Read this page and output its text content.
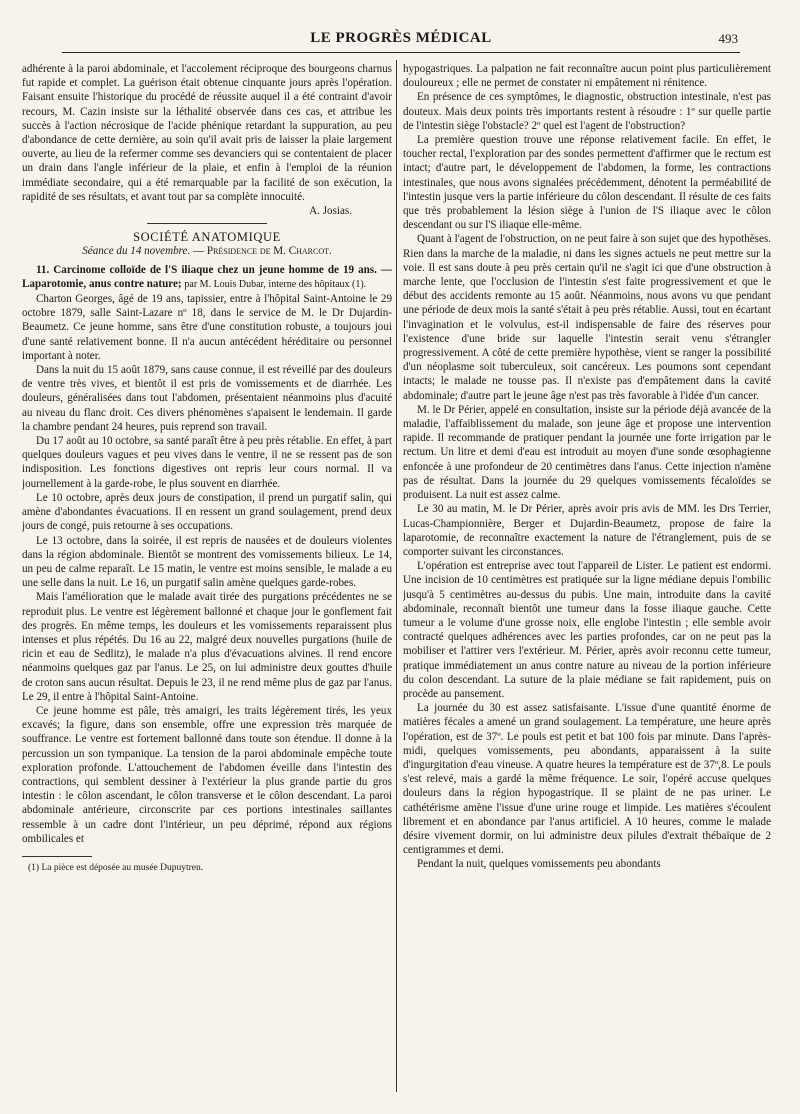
LE PROGRÈS MÉDICAL	493

adhérente à la paroi abdominale, et l'accolement réciproque des bourgeons charnus fut rapide et complet. La guérison était obtenue cinquante jours après l'opération. Faisant ensuite l'historique du procédé de réussite auquel il a été contraint d'avoir recours, M. Cazin insiste sur la léthalité observée dans ces cas, et attribue les succès à l'action nécrosique de l'acide phénique retardant la suppuration, au peu d'abondance de cette dernière, au soin qu'il avait pris de laisser la plaie largement ouverte, au lieu de la refermer comme ses devanciers qui se contentaient de placer un drain dans l'angle inférieur de la plaie, et enfin à l'emploi de la réunion immédiate secondaire, qui a été remarquable par la facilité de son exécution, la rapidité de ses résultats, et avant tout par sa complète innocuité.

A. Josias.
SOCIÉTÉ ANATOMIQUE
Séance du 14 novembre. — Présidence de M. Charcot.

11. Carcinome colloïde de l'S iliaque chez un jeune homme de 19 ans. — Laparotomie, anus contre nature; par M. Louis Dubar, interne des hôpitaux (1).

Charton Georges, âgé de 19 ans, tapissier, entre à l'hôpital Saint-Antoine le 29 octobre 1879, salle Saint-Lazare nº 18, dans le service de M. le Dr Dujardin-Beaumetz. Ce jeune homme, sans être d'une constitution robuste, a toujours joui d'une santé relativement bonne. Il n'a aucun antécédent héréditaire ou personnel important à noter.

Dans la nuit du 15 août 1879, sans cause connue, il est réveillé par des douleurs de ventre très vives, et bientôt il est pris de vomissements et de diarrhée. Les douleurs, généralisées dans tout l'abdomen, présentaient néanmoins plus d'acuité au niveau du flanc droit. Ces divers phénomènes s'apaisent le lendemain. Il garde la chambre pendant 24 heures, puis reprend son travail.

Du 17 août au 10 octobre, sa santé paraît être à peu près rétablie. En effet, à part quelques douleurs vagues et peu vives dans le ventre, il ne se ressent pas de son indisposition. Les fonctions digestives ont repris leur cours normal. Il va journellement à la garde-robe, le plus souvent en diarrhée.

Le 10 octobre, après deux jours de constipation, il prend un purgatif salin, qui amène d'abondantes évacuations. Il en ressent un grand soulagement, prend deux jours de congé, puis retourne à ses occupations.

Le 13 octobre, dans la soirée, il est repris de nausées et de douleurs violentes dans la région abdominale. Bientôt se montrent des vomissements bilieux. Le 14, un peu de calme reparaît. Le 15 matin, le ventre est moins sensible, le malade a eu une selle dans la nuit. Le 16, un purgatif salin amène quelques garde-robes.

Mais l'amélioration que le malade avait tirée des purgations précédentes ne se reproduit plus. Le ventre est légèrement ballonné et chaque jour le gonflement fait des progrès. En même temps, les douleurs et les vomissements reparaissent plus intenses et plus répétés. Du 16 au 22, malgré deux nouvelles purgations (huile de ricin et eau de Sedlitz), le malade n'a plus d'évacuations alvines. Il rend encore néanmoins quelques gaz par l'anus. Le 25, on lui administre deux gouttes d'huile de croton sans aucun résultat. Depuis le 23, il ne rend même plus de gaz par l'anus. Le 29, il entre à l'hôpital Saint-Antoine.

Ce jeune homme est pâle, très amaigri, les traits légèrement tirés, les yeux excavés; la figure, dans son ensemble, offre une expression très marquée de souffrance. Le ventre est fortement ballonné dans toute son étendue. Il donne à la percussion un son tympanique. La tension de la paroi abdominale empêche toute exploration profonde. L'attouchement de l'abdomen éveille dans l'intestin des contractions, qui semblent dessiner à l'extérieur la plus grande partie du gros intestin : le côlon ascendant, le côlon transverse et le côlon descendant. La paroi abdominale antérieure, circonscrite par ces portions intestinales saillantes ressemble à un cadre dont l'intérieur, un peu déprimé, répond aux régions ombilicales et

(1) La pièce est déposée au musée Dupuytren.

hypogastriques. La palpation ne fait reconnaître aucun point plus particulièrement douloureux ; elle ne permet de constater ni empâtement ni rénitence.

En présence de ces symptômes, le diagnostic, obstruction intestinale, n'est pas douteux. Mais deux points très importants restent à résoudre : 1º sur quelle partie de l'intestin siège l'obstacle? 2º quel est l'agent de l'obstruction?

La première question trouve une réponse relativement facile. En effet, le toucher rectal, l'exploration par des sondes permettent d'affirmer que le rectum est intact; d'autre part, le développement de l'abdomen, la forme, les contractions intestinales, que nous avons signalées précédemment, dénotent la perméabilité de l'intestin jusque vers la partie inférieure du côlon descendant. Il résulte de ces faits que très probablement la lésion siège à l'union de l'S iliaque avec le côlon descendant ou sur l'S iliaque elle-même.

Quant à l'agent de l'obstruction, on ne peut faire à son sujet que des hypothèses. Rien dans la marche de la maladie, ni dans les signes actuels ne peut mettre sur la voie. Il est sans doute à peu près certain qu'il ne s'agit ici que d'une obstruction à marche lente, que l'occlusion de l'intestin s'est faite progressivement et que le début des accidents remonte au 15 août. Néanmoins, nous avons vu que pendant une période de deux mois la santé s'était à peu près rétablie. Aussi, tout en écartant l'invagination et le volvulus, est-il indispensable de faire des réserves pour l'existence d'une bride sur laquelle l'intestin serait venu s'étrangler progressivement. A côté de cette première hypothèse, vient se ranger la possibilité d'un néoplasme soit tuberculeux, soit cancéreux. Les poumons sont cependant intacts; le malade ne tousse pas. Il n'existe pas d'empâtement dans la cavité abdominale; d'autre part le jeune âge n'est pas très favorable à l'idée d'un cancer.

M. le Dr Périer, appelé en consultation, insiste sur la période déjà avancée de la maladie, l'affaiblissement du malade, son jeune âge et propose une intervention rapide. Il recommande de pratiquer pendant la journée une forte irrigation par le rectum. Un litre et demi d'eau est introduit au moyen d'une sonde œsophagienne enfoncée à une profondeur de 20 centimètres dans l'anus. Cette injection n'amène pas de résultat. Dans la journée du 29 quelques vomissements fécaloïdes se produisent. La nuit est assez calme.

Le 30 au matin, M. le Dr Périer, après avoir pris avis de MM. les Drs Terrier, Lucas-Championnière, Berger et Dujardin-Beaumetz, propose de faire la laparotomie, de reconnaître exactement la nature de l'étranglement, puis de se comporter suivant les circonstances.

L'opération est entreprise avec tout l'appareil de Lister. Le patient est endormi. Une incision de 10 centimètres est pratiquée sur la ligne médiane depuis l'ombilic jusqu'à 5 centimètres au-dessus du pubis. Une main, introduite dans la cavité abdominale, reconnaît bientôt une tumeur dans la fosse iliaque gauche. Cette tumeur a le volume d'une grosse noix, elle englobe l'intestin ; elle semble avoir contracté quelques adhérences avec les parties profondes, car on ne peut pas la mobiliser et l'attirer vers l'extérieur. M. Périer, après avoir reconnu cette tumeur, pratique immédiatement un anus contre nature au niveau de la portion inférieure du colon descendant. La suture de la plaie médiane se fait rapidement, puis on procède au pansement.

La journée du 30 est assez satisfaisante. L'issue d'une quantité énorme de matières fécales a amené un grand soulagement. La température, une heure après l'opération, est de 37º. Le pouls est petit et bat 100 fois par minute. Dans l'après-midi, quelques vomissements, peu abondants, apparaissent à la suite d'ingurgitation d'eau vineuse. A quatre heures la température est de 37º,8. Le pouls s'est relevé, mais a gardé la même fréquence. Le soir, l'opéré accuse quelques douleurs dans la région hypogastrique. Il se plaint de ne pas uriner. Le cathétérisme amène l'issue d'une urine rouge et limpide. Les matières s'écoulent librement et en abondance par l'anus artificiel. A 10 heures, comme le malade désire vivement dormir, on lui administre deux pilules d'extrait thébaïque de 2 centigrammes et demi.

Pendant la nuit, quelques vomissements peu abondants
